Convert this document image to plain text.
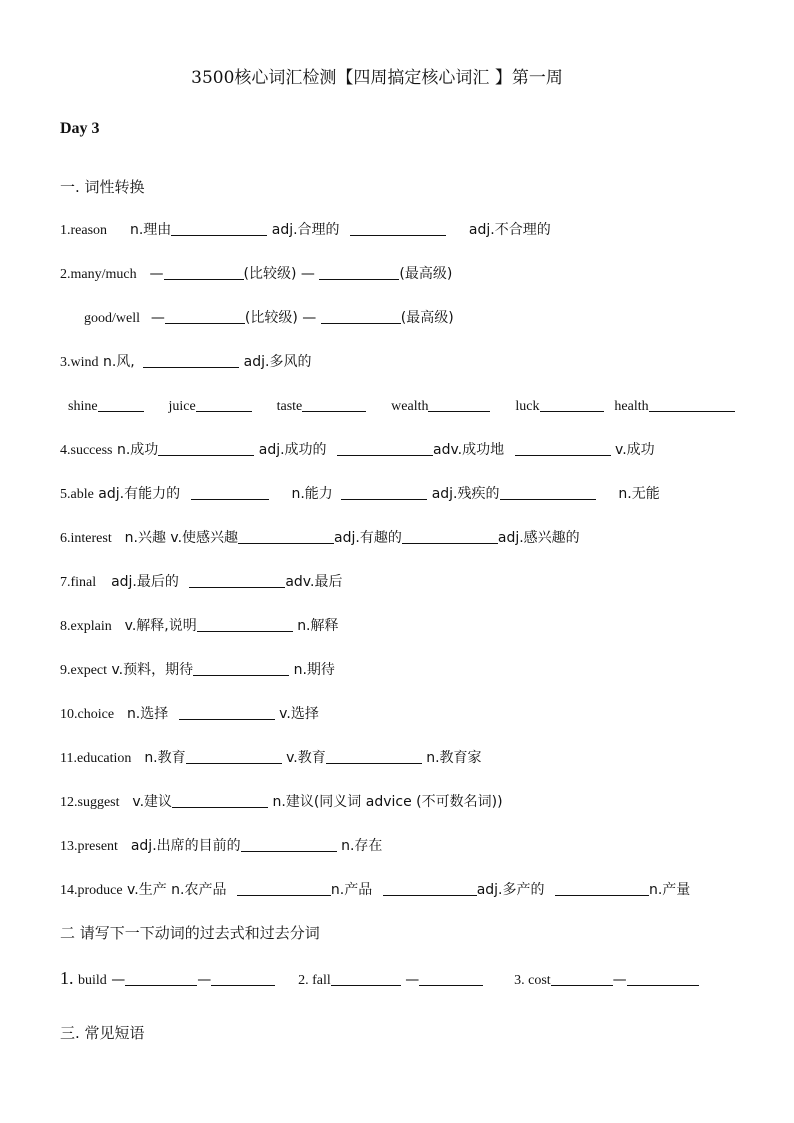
3500核心词汇检测【四周搞定核心词汇 】第一周
Day 3
一. 词性转换
1.reason n.理由	adj.合理的	adj.不合理的
2.many/much —	(比较级) —	(最高级)
good/well —	(比较级) —	(最高级)
3.wind n.风,	adj.多风的
shine	juice	taste	wealth	luck	health
4.success n.成功	adj.成功的	adv.成功地	v.成功
5.able adj.有能力的	n.能力	adj.残疾的	n.无能
6.interest n.兴趣 v.使感兴趣	adj.有趣的	adj.感兴趣的
7.final adj.最后的	adv.最后
8.explain v.解释,说明	n.解释
9.expect v.预料，期待	n.期待
10.choice n.选择	v.选择
11.education n.教育	v.教育	n.教育家
12.suggest v.建议	n.建议(同义词 advice (不可数名词))
13.present adj.出席的目前的	n.存在
14.produce v.生产 n.农产品	n.产品	adj.多产的	n.产量
二 请写下一下动词的过去式和过去分词
1. build —	—	2. fall	—	3. cost	—
三. 常见短语
